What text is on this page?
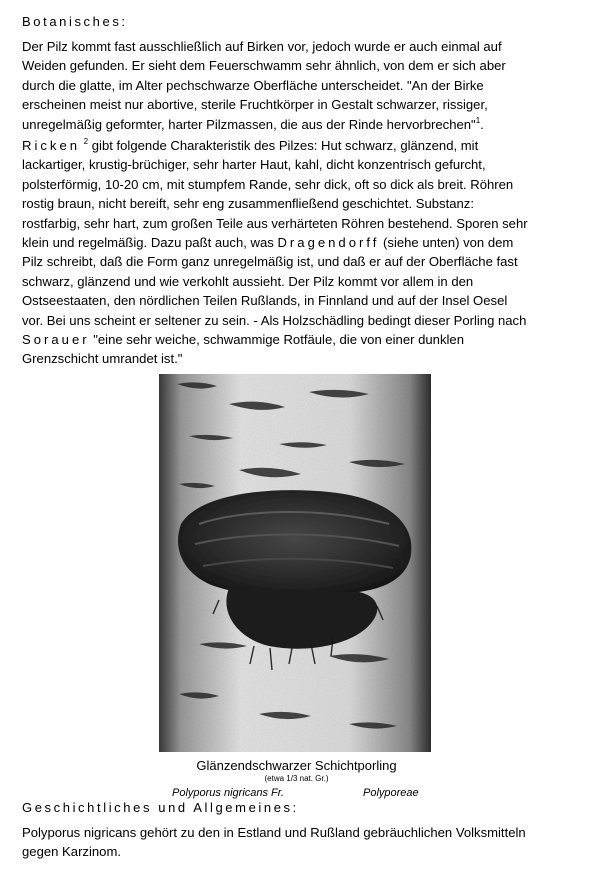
Botanisches:
Der Pilz kommt fast ausschließlich auf Birken vor, jedoch wurde er auch einmal auf
Weiden gefunden. Er sieht dem Feuerschwamm sehr ähnlich, von dem er sich aber
durch die glatte, im Alter pechschwarze Oberfläche unterscheidet. "An der Birke
erscheinen meist nur abortive, sterile Fruchtkörper in Gestalt schwarzer, rissiger,
unregelmäßig geformter, harter Pilzmassen, die aus der Rinde hervorbrechen"$^1$.
Ricken $^2$ gibt folgende Charakteristik des Pilzes: Hut schwarz, glänzend, mit
lackartiger, krustig-brüchiger, sehr harter Haut, kahl, dicht konzentrisch gefurcht,
polsterförmig, 10-20 cm, mit stumpfem Rande, sehr dick, oft so dick als breit. Röhren
rostig braun, nicht bereift, sehr eng zusammenfließend geschichtet. Substanz:
rostfarbig, sehr hart, zum großen Teile aus verhärteten Röhren bestehend. Sporen sehr
klein und regelmäßig. Dazu paßt auch, was Dragendorff (siehe unten) von dem
Pilz schreibt, daß die Form ganz unregelmäßig ist, und daß er auf der Oberfläche fast
schwarz, glänzend und wie verkohlt aussieht. Der Pilz kommt vor allem in den
Ostseestaaten, den nördlichen Teilen Rußlands, in Finnland und auf der Insel Oesel
vor. Bei uns scheint er seltener zu sein. - Als Holzschädling bedingt dieser Porling nach
Sorauer "eine sehr weiche, schwammige Rotfäule, die von einer dunklen
Grenzschicht umrandet ist."
Glänzendschwarzer Schichtporling
(etwa 1/3 nat. Gr.)
Polyporus nigricans Fr.	Polyporeae
Geschichtliches und Allgemeines:
Polyporus nigricans gehört zu den in Estland und Rußland gebräuchlichen Volksmitteln
gegen Karzinom.
